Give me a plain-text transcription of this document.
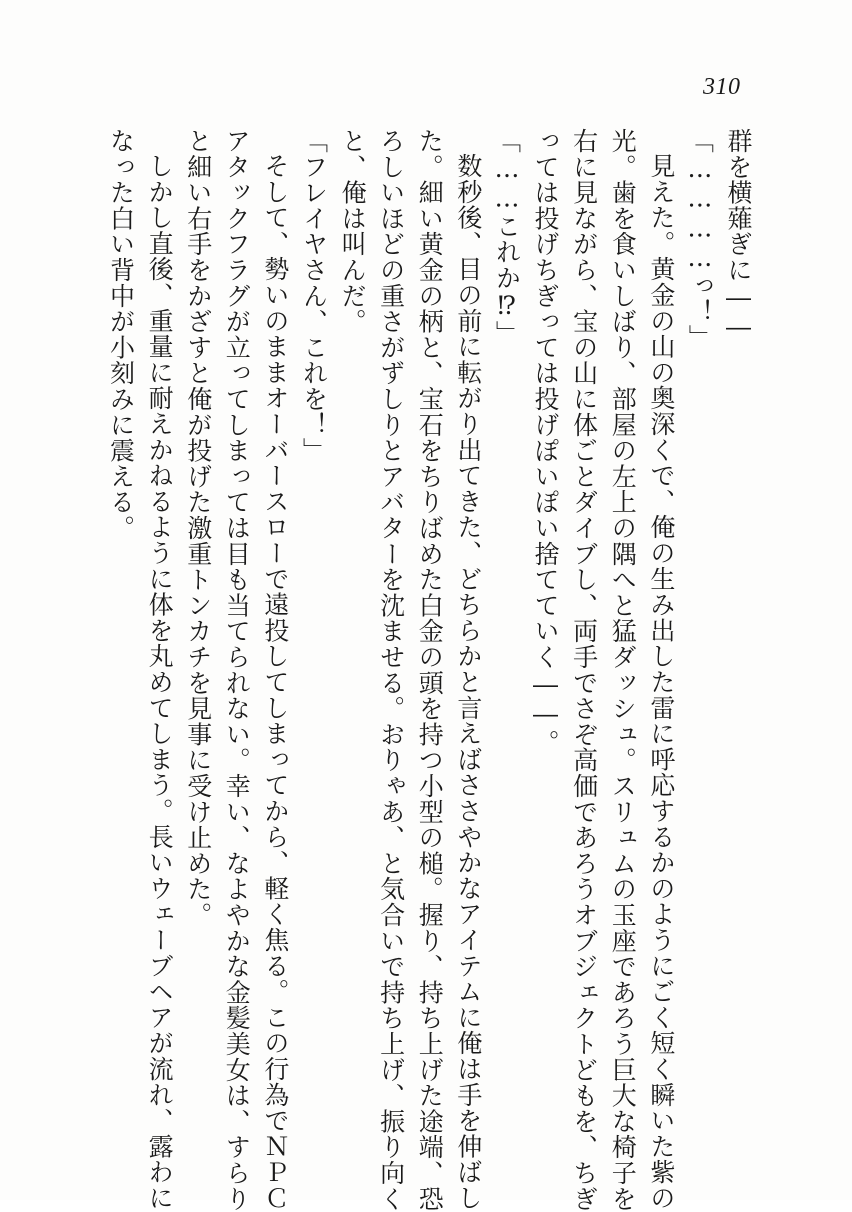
310
群を横薙ぎに――
「…………っ！」
見えた。黄金の山の奥深くで、俺の生み出した雷に呼応するかのようにごく短く瞬いた紫の
光。歯を食いしばり、部屋の左上の隅へと猛ダッシュ。スリュムの玉座であろう巨大な椅子を
右に見ながら、宝の山に体ごとダイブし、両手でさぞ高価であろうオブジェクトどもを、ちぎ
っては投げちぎっては投げぽいぽい捨てていく――。
「……これか⁉」
数秒後、目の前に転がり出てきた、どちらかと言えばささやかなアイテムに俺は手を伸ばし
た。細い黄金の柄と、宝石をちりばめた白金の頭を持つ小型の槌。握り、持ち上げた途端、恐
ろしいほどの重さがずしりとアバターを沈ませる。おりゃあ、と気合いで持ち上げ、振り向く
と、俺は叫んだ。
「フレイヤさん、これを！」
そして、勢いのままオーバースローで遠投してしまってから、軽く焦る。この行為でＮＰＣ
アタックフラグが立ってしまっては目も当てられない。幸い、なよやかな金髪美女は、すらり
と細い右手をかざすと俺が投げた激重トンカチを見事に受け止めた。
しかし直後、重量に耐えかねるように体を丸めてしまう。長いウェーブヘアが流れ、露わに
なった白い背中が小刻みに震える。
